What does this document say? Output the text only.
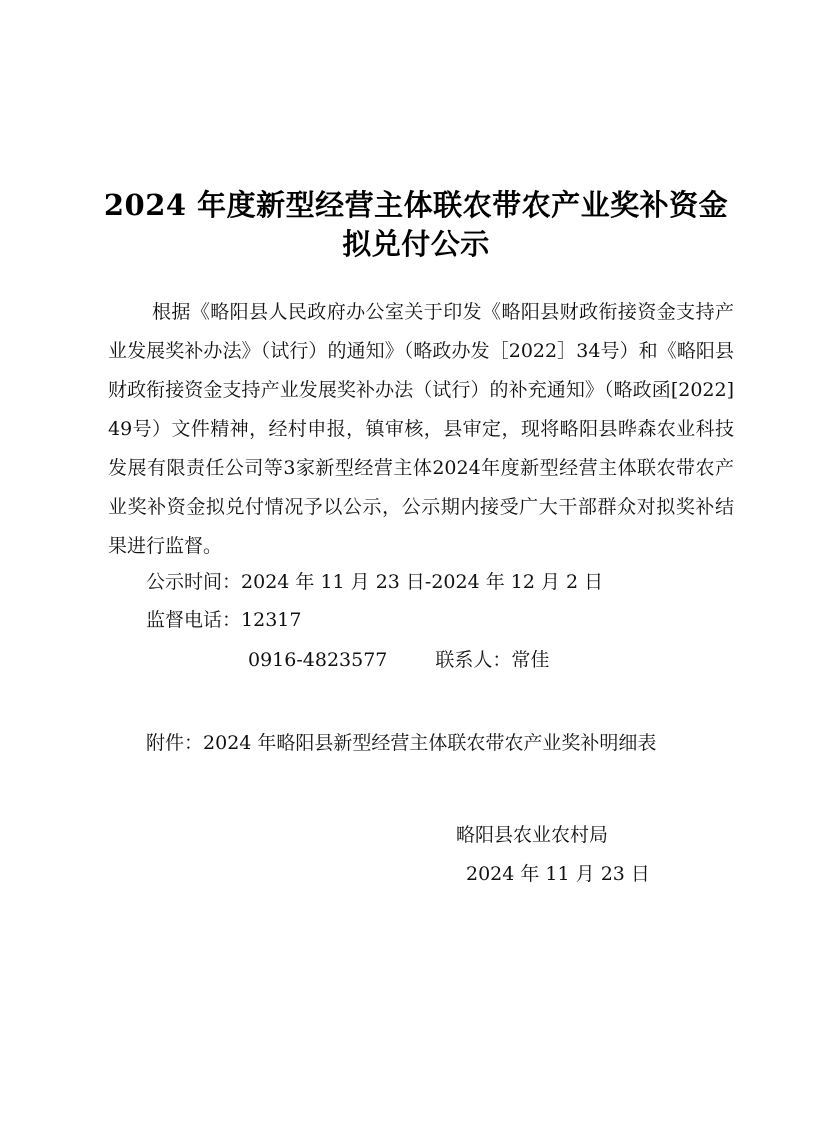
2024 年度新型经营主体联农带农产业奖补资金
拟兑付公示
根据《略阳县人民政府办公室关于印发《略阳县财政衔接资金支持产业发展奖补办法》（试行）的通知》（略政办发［2022］34号）和《略阳县财政衔接资金支持产业发展奖补办法（试行）的补充通知》（略政函[2022]49号）文件精神，经村申报，镇审核，县审定，现将略阳县晔森农业科技发展有限责任公司等3家新型经营主体2024年度新型经营主体联农带农产业奖补资金拟兑付情况予以公示，公示期内接受广大干部群众对拟奖补结果进行监督。
公示时间：2024 年 11 月 23 日-2024 年 12 月 2 日
监督电话：12317
0916-4823577	联系人：常佳
附件：2024 年略阳县新型经营主体联农带农产业奖补明细表
略阳县农业农村局
2024 年 11 月 23 日
